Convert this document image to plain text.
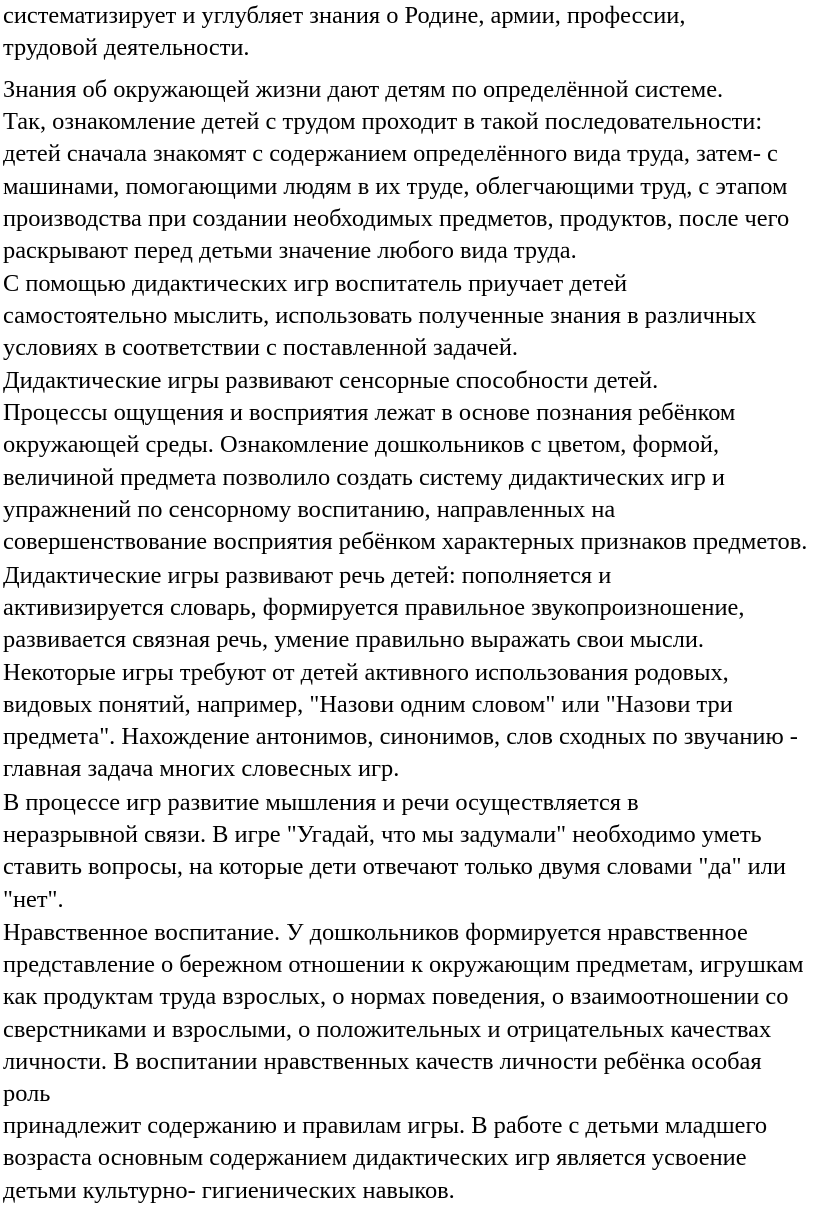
систематизирует и углубляет знания о Родине, армии, профессии,
трудовой деятельности.

Знания об окружающей жизни дают детям по определённой системе.
Так, ознакомление детей с трудом проходит в такой последовательности:
детей сначала знакомят с содержанием определённого вида труда, затем- с
машинами, помогающими людям в их труде, облегчающими труд, с этапом
производства при создании необходимых предметов, продуктов, после чего
раскрывают перед детьми значение любого вида труда.

С помощью дидактических игр воспитатель приучает детей
самостоятельно мыслить, использовать полученные знания в различных
условиях в соответствии с поставленной задачей.

Дидактические игры развивают сенсорные способности детей.
Процессы ощущения и восприятия лежат в основе познания ребёнком
окружающей среды. Ознакомление дошкольников с цветом, формой,
величиной предмета позволило создать систему дидактических игр и
упражнений по сенсорному воспитанию, направленных на
совершенствование восприятия ребёнком характерных признаков предметов.

Дидактические игры развивают речь детей: пополняется и
активизируется словарь, формируется правильное звукопроизношение,
развивается связная речь, умение правильно выражать свои мысли.
Некоторые игры требуют от детей активного использования родовых,
видовых понятий, например, "Назови одним словом" или "Назови три
предмета". Нахождение антонимов, синонимов, слов сходных по звучанию -
главная задача многих словесных игр.

В процессе игр развитие мышления и речи осуществляется в
неразрывной связи. В игре "Угадай, что мы задумали" необходимо уметь
ставить вопросы, на которые дети отвечают только двумя словами "да" или
"нет".

Нравственное воспитание. У дошкольников формируется нравственное
представление о бережном отношении к окружающим предметам, игрушкам
как продуктам труда взрослых, о нормах поведения, о взаимоотношении со
сверстниками и взрослыми, о положительных и отрицательных качествах
личности. В воспитании нравственных качеств личности ребёнка особая роль
принадлежит содержанию и правилам игры. В работе с детьми младшего
возраста основным содержанием дидактических игр является усвоение
детьми культурно- гигиенических навыков.
